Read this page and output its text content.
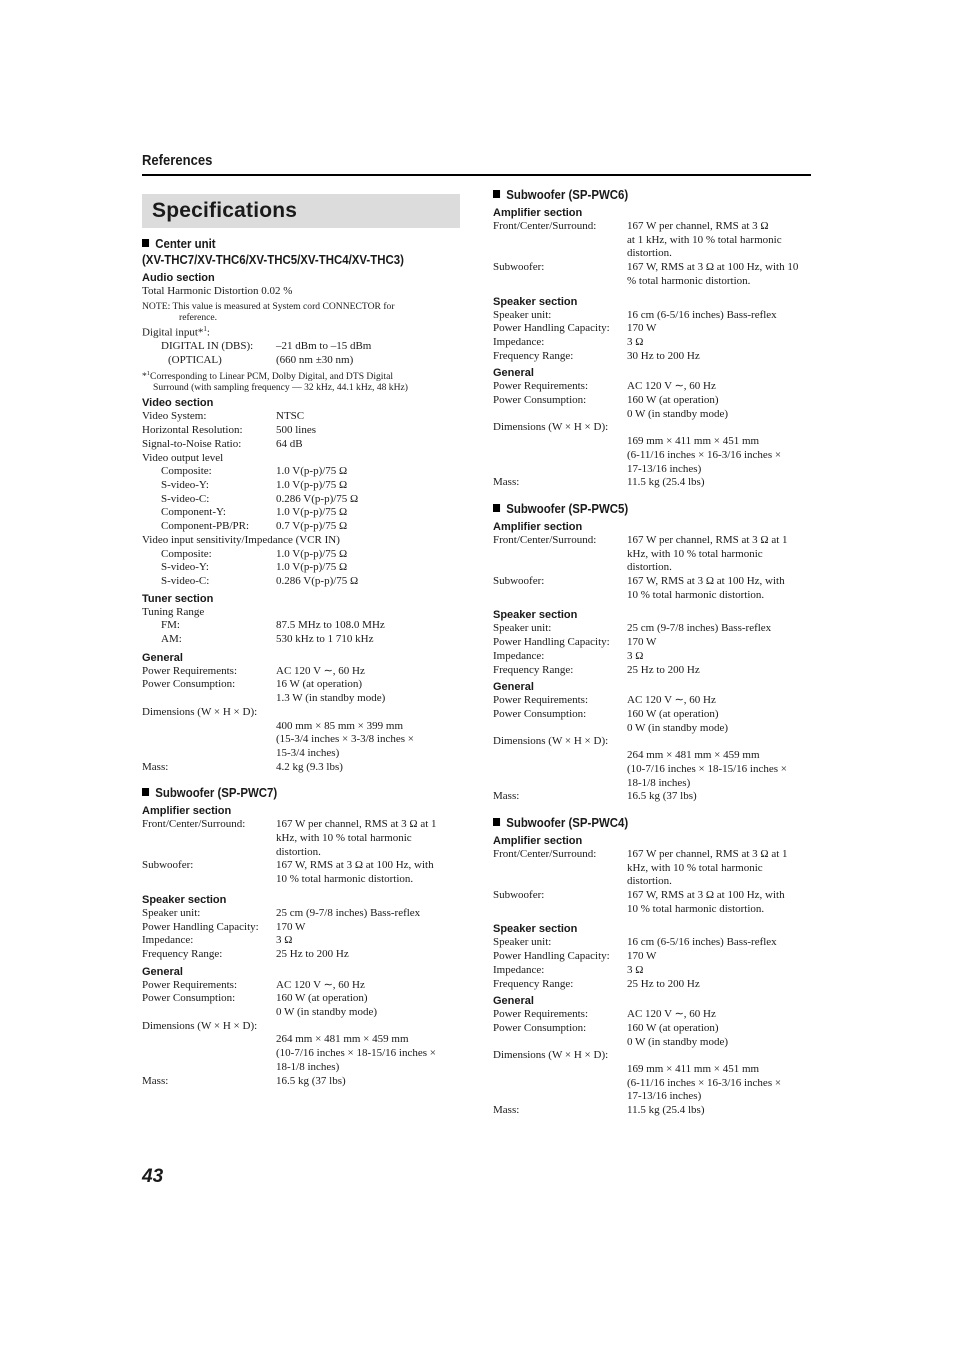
References
Specifications
Center unit
(XV-THC7/XV-THC6/XV-THC5/XV-THC4/XV-THC3)
Audio section
Total Harmonic Distortion 0.02 %
NOTE: This value is measured at System cord CONNECTOR for
reference.
Digital input*$^1$:
DIGITAL IN (DBS): –21 dBm to –15 dBm
(OPTICAL)	(660 nm ±30 nm)
*$^1$Corresponding to Linear PCM, Dolby Digital, and DTS Digital
Surround (with sampling frequency — 32 kHz, 44.1 kHz, 48 kHz)
Video section
Video System:	NTSC
Horizontal Resolution:	500 lines
Signal-to-Noise Ratio:	64 dB
Video output level
Composite:	1.0 V(p-p)/75 Ω
S-video-Y:	1.0 V(p-p)/75 Ω
S-video-C:	0.286 V(p-p)/75 Ω
Component-Y:	1.0 V(p-p)/75 Ω
Component-PB/PR: 0.7 V(p-p)/75 Ω
Video input sensitivity/Impedance (VCR IN)
Composite:	1.0 V(p-p)/75 Ω
S-video-Y:	1.0 V(p-p)/75 Ω
S-video-C:	0.286 V(p-p)/75 Ω
Tuner section
Tuning Range
FM:	87.5 MHz to 108.0 MHz
AM:	530 kHz to 1 710 kHz
General
Power Requirements:	AC 120 V ∼, 60 Hz
Power Consumption:	16 W (at operation)
1.3 W (in standby mode)
Dimensions (W × H × D):
400 mm × 85 mm × 399 mm
(15-3/4 inches × 3-3/8 inches ×
15-3/4 inches)
Mass:	4.2 kg (9.3 lbs)
Subwoofer (SP-PWC7)
Amplifier section
Front/Center/Surround:	167 W per channel, RMS at 3 Ω at 1
kHz, with 10 % total harmonic
distortion.
Subwoofer:	167 W, RMS at 3 Ω at 100 Hz, with
10 % total harmonic distortion.
Speaker section
Speaker unit:	25 cm (9-7/8 inches) Bass-reflex
Power Handling Capacity: 170 W
Impedance:	3 Ω
Frequency Range:	25 Hz to 200 Hz
General
Power Requirements:	AC 120 V ∼, 60 Hz
Power Consumption:	160 W (at operation)
0 W (in standby mode)
Dimensions (W × H × D):
264 mm × 481 mm × 459 mm
(10-7/16 inches × 18-15/16 inches ×
18-1/8 inches)
Mass:	16.5 kg (37 lbs)
Subwoofer (SP-PWC6)
Amplifier section
Front/Center/Surround:	167 W per channel, RMS at 3 Ω
at 1 kHz, with 10 % total harmonic
distortion.
Subwoofer:	167 W, RMS at 3 Ω at 100 Hz, with 10
% total harmonic distortion.
Speaker section
Speaker unit:	16 cm (6-5/16 inches) Bass-reflex
Power Handling Capacity: 170 W
Impedance:	3 Ω
Frequency Range:	30 Hz to 200 Hz
General
Power Requirements:	AC 120 V ∼, 60 Hz
Power Consumption:	160 W (at operation)
0 W (in standby mode)
Dimensions (W × H × D):
169 mm × 411 mm × 451 mm
(6-11/16 inches × 16-3/16 inches ×
17-13/16 inches)
Mass:	11.5 kg (25.4 lbs)
Subwoofer (SP-PWC5)
Amplifier section
Front/Center/Surround:	167 W per channel, RMS at 3 Ω at 1
kHz, with 10 % total harmonic
distortion.
Subwoofer:	167 W, RMS at 3 Ω at 100 Hz, with
10 % total harmonic distortion.
Speaker section
Speaker unit:	25 cm (9-7/8 inches) Bass-reflex
Power Handling Capacity: 170 W
Impedance:	3 Ω
Frequency Range:	25 Hz to 200 Hz
General
Power Requirements:	AC 120 V ∼, 60 Hz
Power Consumption:	160 W (at operation)
0 W (in standby mode)
Dimensions (W × H × D):
264 mm × 481 mm × 459 mm
(10-7/16 inches × 18-15/16 inches ×
18-1/8 inches)
Mass:	16.5 kg (37 lbs)
Subwoofer (SP-PWC4)
Amplifier section
Front/Center/Surround:	167 W per channel, RMS at 3 Ω at 1
kHz, with 10 % total harmonic
distortion.
Subwoofer:	167 W, RMS at 3 Ω at 100 Hz, with
10 % total harmonic distortion.
Speaker section
Speaker unit:	16 cm (6-5/16 inches) Bass-reflex
Power Handling Capacity: 170 W
Impedance:	3 Ω
Frequency Range:	25 Hz to 200 Hz
General
Power Requirements:	AC 120 V ∼, 60 Hz
Power Consumption:	160 W (at operation)
0 W (in standby mode)
Dimensions (W × H × D):
169 mm × 411 mm × 451 mm
(6-11/16 inches × 16-3/16 inches ×
17-13/16 inches)
Mass:	11.5 kg (25.4 lbs)
43
